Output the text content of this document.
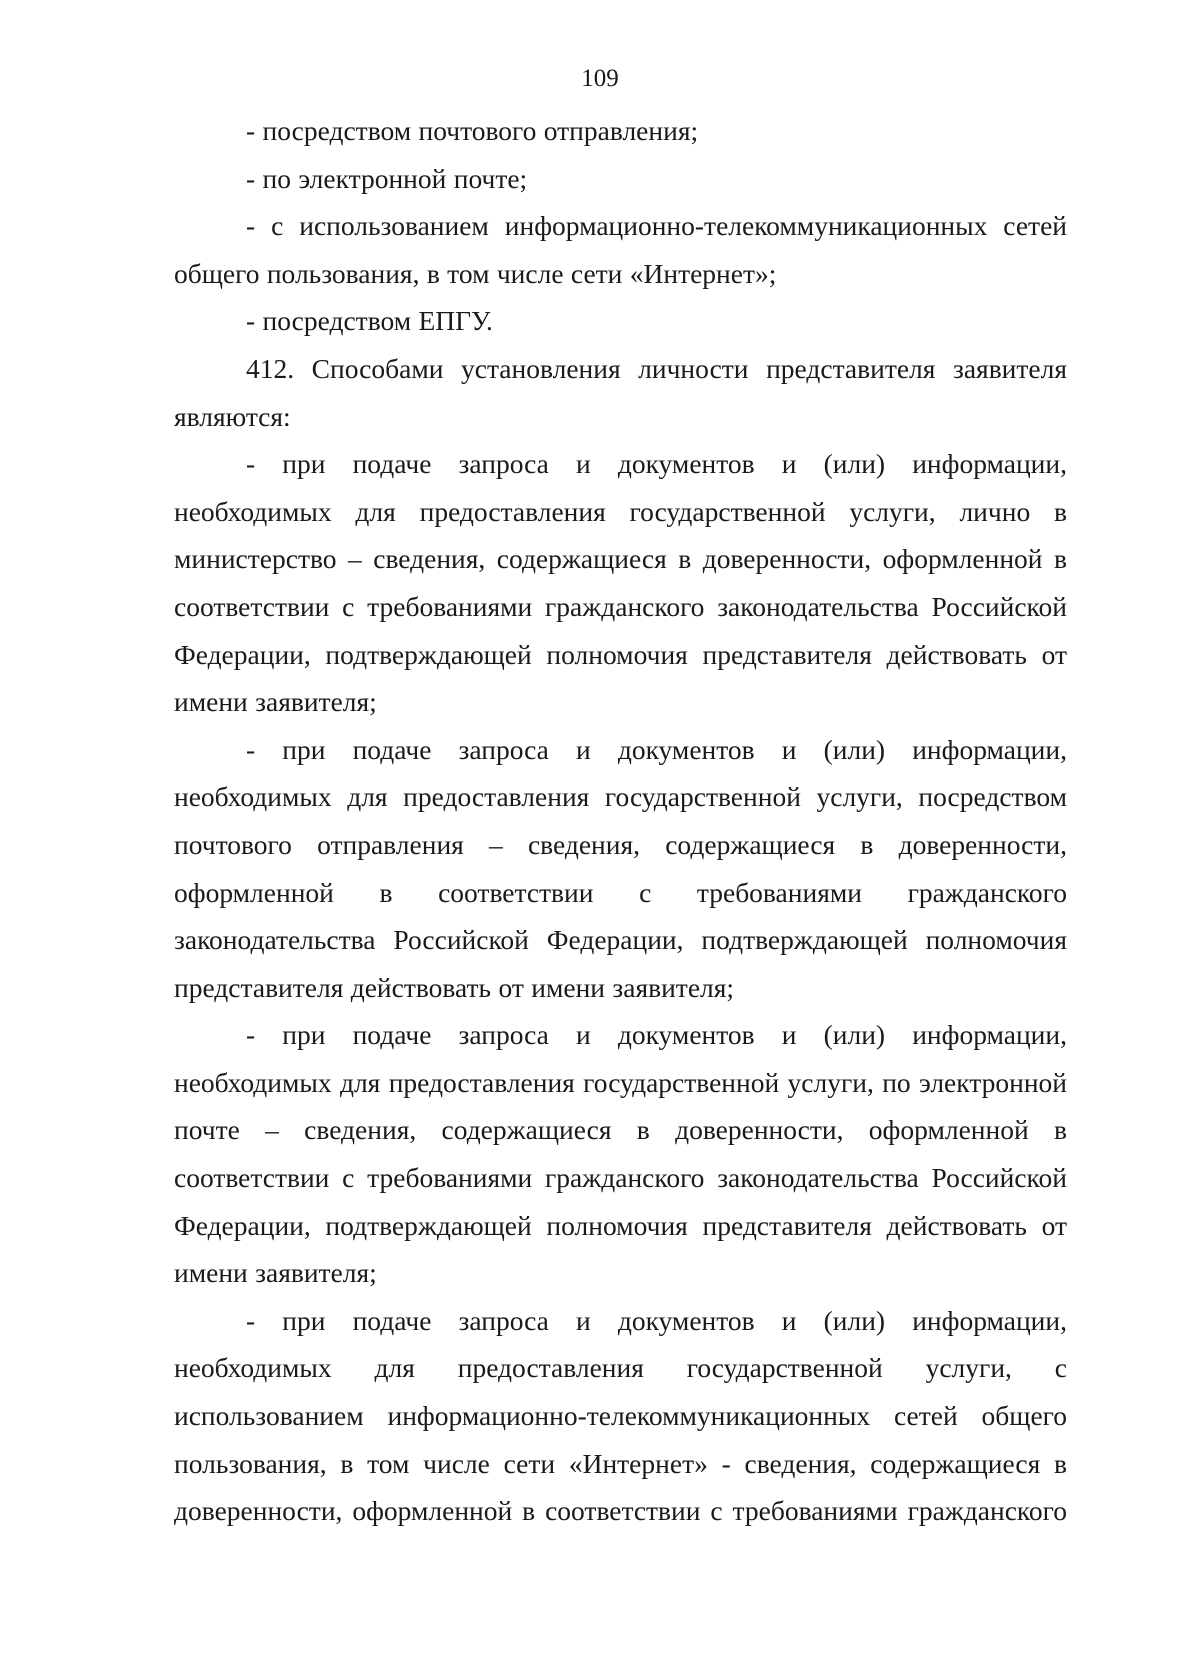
109

- посредством почтового отправления;

- по электронной почте;

- с использованием информационно-телекоммуникационных сетей общего пользования, в том числе сети «Интернет»;

- посредством ЕПГУ.

412. Способами установления личности представителя заявителя являются:

- при подаче запроса и документов и (или) информации, необходимых для предоставления государственной услуги, лично в министерство – сведения, содержащиеся в доверенности, оформленной в соответствии с требованиями гражданского законодательства Российской Федерации, подтверждающей полномочия представителя действовать от имени заявителя;

- при подаче запроса и документов и (или) информации, необходимых для предоставления государственной услуги, посредством почтового отправления – сведения, содержащиеся в доверенности, оформленной в соответствии с требованиями гражданского законодательства Российской Федерации, подтверждающей полномочия представителя действовать от имени заявителя;

- при подаче запроса и документов и (или) информации, необходимых для предоставления государственной услуги, по электронной почте – сведения, содержащиеся в доверенности, оформленной в соответствии с требованиями гражданского законодательства Российской Федерации, подтверждающей полномочия представителя действовать от имени заявителя;

- при подаче запроса и документов и (или) информации, необходимых для предоставления государственной услуги, с использованием информационно-телекоммуникационных сетей общего пользования, в том числе сети «Интернет» - сведения, содержащиеся в доверенности, оформленной в соответствии с требованиями гражданского
